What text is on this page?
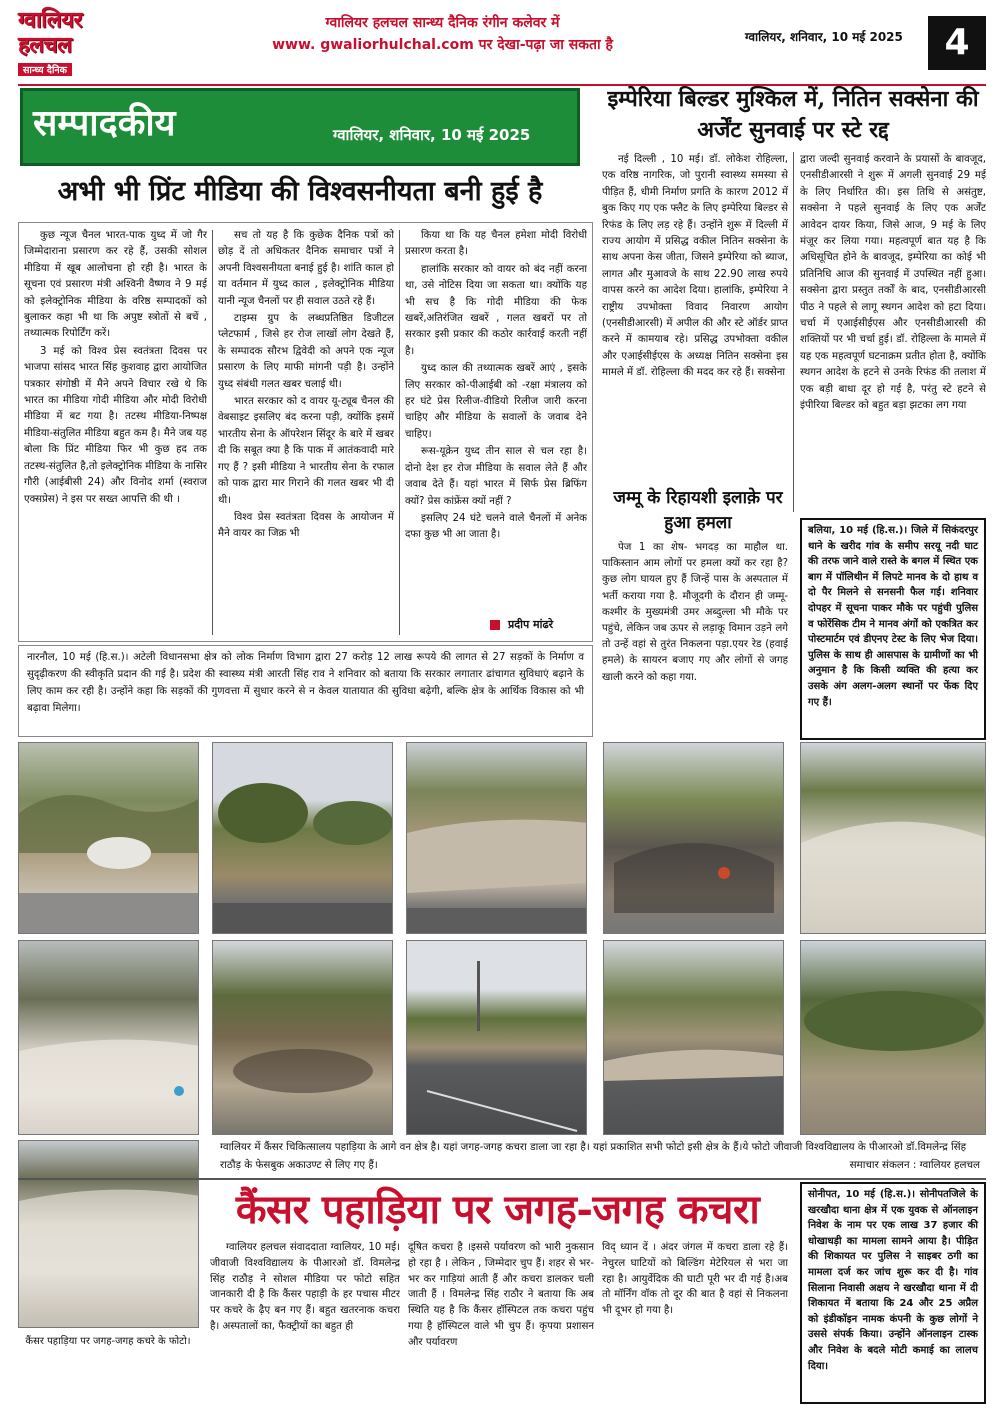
ग्वालियर
हलचल
सान्ध्य दैनिक
ग्वालियर हलचल सान्ध्य दैनिक रंगीन कलेवर में
www. gwaliorhulchal.com पर देखा-पढ़ा जा सकता है	ग्वालियर, शनिवार, 10 मई 2025	4
सम्पादकीय	ग्वालियर, शनिवार, 10 मई 2025
अभी भी प्रिंट मीडिया की विश्वसनीयता बनी हुई है

कुछ न्यूज चैनल भारत-पाक युध्द में जो गैर जिम्मेदाराना प्रसारण कर रहे हैं, उसकी सोशल मीडिया में खूब आलोचना हो रही है। भारत के सूचना एवं प्रसारण मंत्री अश्विनी वैष्णव ने 9 मई को इलेक्ट्रोनिक मीडिया के वरिष्ठ सम्पादकों को बुलाकर कहा भी था कि अपुष्ट स्त्रोतों से बचें , तथ्यात्मक रिपोर्टिंग करें।

3 मई को विश्व प्रेस स्वतंत्रता दिवस पर भाजपा सांसद भारत सिंह कुशवाह द्वारा आयोजित पत्रकार संगोष्ठी में मैने अपने विचार रखे थे कि भारत का मीडिया गोदी मीडिया और मोदी विरोधी मीडिया में बट गया है। तटस्थ मीडिया-निष्पक्ष मीडिया-संतुलित मीडिया बहुत कम है। मैने जब यह बोला कि प्रिंट मीडिया फिर भी कुछ हद तक तटस्थ-संतुलित है,तो इलेक्ट्रोनिक मीडिया के नासिर गौरी (आईबीसी 24) और विनोद शर्मा (स्वराज एक्सप्रेस) ने इस पर सख्त आपत्ति की थी ।

सच तो यह है कि कुछेक दैनिक पत्रों को छोड़ दें तो अधिकतर दैनिक समाचार पत्रों ने अपनी विश्वसनीयता बनाई हुई है। शांति काल हो या वर्तमान में युध्द काल , इलेक्ट्रोनिक मीडिया यानी न्यूज चैनलों पर ही सवाल उठते रहे हैं।

टाइम्स ग्रुप के लब्धप्रतिष्ठित डिजीटल प्लेटफार्म , जिसे हर रोज लाखों लोग देखते हैं, के सम्पादक सौरभ द्विवेदी को अपने एक न्यूज प्रसारण के लिए माफी मांगनी पड़ी है। उन्होंने युध्द संबंधी गलत खबर चलाई थी।

भारत सरकार को द वायर यू-ट्यूब चैनल की वेबसाइट इसलिए बंद करना पड़ी, क्योंकि इसमें भारतीय सेना के ऑपरेशन सिंदूर के बारे में खबर दी कि सबूत क्या है कि पाक में आतंकवादी मारे गए हैं ? इसी मीडिया ने भारतीय सेना के रफाल को पाक द्वारा मार गिराने की गलत खबर भी दी थी।

विश्व प्रेस स्वतंत्रता दिवस के आयोजन में मैने वायर का जिक्र भी

किया था कि यह चैनल हमेशा मोदी विरोधी प्रसारण करता है।

हालांकि सरकार को वायर को बंद नहीं करना था, उसे नोटिस दिया जा सकता था। क्योंकि यह भी सच है कि गोदी मीडिया की फेक खबरें,अतिरंजित खबरें , गलत खबरों पर तो सरकार इसी प्रकार की कठोर कार्रवाई करती नहीं है।

युध्द काल की तथ्यात्मक खबरें आएं , इसके लिए सरकार को-पीआईबी को -रक्षा मंत्रालय को हर घंटे प्रेस रिलीज-वीडियो रिलीज जारी करना चाहिए और मीडिया के सवालों के जवाब देने चाहिए।

रूस-यूक्रेन युध्द तीन साल से चल रहा है। दोनो देश हर रोज मीडिया के सवाल लेते हैं और जवाब देते हैं। यहां भारत में सिर्फ प्रेस ब्रिफिंग क्यों? प्रेस कांफ्रेंस क्यों नहीं ?

इसलिए 24 घंटे चलने वाले चैनलों में अनेक दफा कुछ भी आ जाता है।

प्रदीप मांढरे
इम्पेरिया बिल्डर मुश्किल में, नितिन सक्सेना की अर्जेंट सुनवाई पर स्टे रद्द

नई दिल्ली , 10 मई। डॉ. लोकेश रोहिल्ला, एक वरिष्ठ नागरिक, जो पुरानी स्वास्थ्य समस्या से पीड़ित हैं, धीमी निर्माण प्रगति के कारण 2012 में बुक किए गए एक फ्लैट के लिए इम्पेरिया बिल्डर से रिफंड के लिए लड़ रहे हैं। उन्होंने शुरू में दिल्ली में राज्य आयोग में प्रसिद्ध वकील नितिन सक्सेना के साथ अपना केस जीता, जिसने इम्पेरिया को ब्याज, लागत और मुआवजे के साथ 22.90 लाख रुपये वापस करने का आदेश दिया। हालांकि, इम्पेरिया ने राष्ट्रीय उपभोक्ता विवाद निवारण आयोग (एनसीडीआरसी) में अपील की और स्टे ऑर्डर प्राप्त करने में कामयाब रहे। प्रसिद्ध उपभोक्ता वकील और एआईसीईएस के अध्यक्ष नितिन सक्सेना इस मामले में डॉ. रोहिल्ला की मदद कर रहे हैं। सक्सेना

द्वारा जल्दी सुनवाई करवाने के प्रयासों के बावजूद, एनसीडीआरसी ने शुरू में अगली सुनवाई 29 मई के लिए निर्धारित की। इस तिथि से असंतुष्ट, सक्सेना ने पहले सुनवाई के लिए एक अर्जेंट आवेदन दायर किया, जिसे आज, 9 मई के लिए मंज़ूर कर लिया गया। महत्वपूर्ण बात यह है कि अधिसूचित होने के बावजूद, इम्पेरिया का कोई भी प्रतिनिधि आज की सुनवाई में उपस्थित नहीं हुआ। सक्सेना द्वारा प्रस्तुत तर्कों के बाद, एनसीडीआरसी पीठ ने पहले से लागू स्थगन आदेश को हटा दिया। चर्चा में एआईसीईएस और एनसीडीआरसी की शक्तियों पर भी चर्चा हुई। डॉ. रोहिल्ला के मामले में यह एक महत्वपूर्ण घटनाक्रम प्रतीत होता है, क्योंकि स्थगन आदेश के हटने से उनके रिफंड की तलाश में एक बड़ी बाधा दूर हो गई है, परंतु स्टे हटने से इंपीरिया बिल्डर को बहुत बड़ा झटका लग गया

जम्मू के रिहायशी इलाक़े पर हुआ हमला

पेज 1 का शेष- भगदड़ का माहौल था. पाकिस्तान आम लोगों पर हमला क्यों कर रहा है? कुछ लोग घायल हुए हैं जिन्हें पास के अस्पताल में भर्ती कराया गया है. मौजूदगी के दौरान ही जम्मू-कश्मीर के मुख्यमंत्री उमर अब्दुल्ला भी मौके पर पहुंचे, लेकिन जब ऊपर से लड़ाकू विमान उड़ने लगे तो उन्हें वहां से तुरंत निकलना पड़ा.एयर रेड (हवाई हमले) के सायरन बजाए गए और लोगों से जगह खाली करने को कहा गया.

बलिया, 10 मई (हि.स.)। जिले में सिकंदरपुर थाने के खरीद गांव के समीप सरयू नदी घाट की तरफ जाने वाले रास्ते के बगल में स्थित एक बाग में पॉलिथीन में लिपटे मानव के दो हाथ व दो पैर मिलने से सनसनी फैल गई। शनिवार दोपहर में सूचना पाकर मौके पर पहुंची पुलिस व फोरेंसिक टीम ने मानव अंगों को एकत्रित कर पोस्टमार्टम एवं डीएनए टेस्ट के लिए भेज दिया। पुलिस के साथ ही आसपास के ग्रामीणों का भी अनुमान है कि किसी व्यक्ति की हत्या कर उसके अंग अलग-अलग स्थानों पर फेंक दिए गए हैं।
नारनौल, 10 मई (हि.स.)। अटेली विधानसभा क्षेत्र को लोक निर्माण विभाग द्वारा 27 करोड़ 12 लाख रूपये की लागत से 27 सड़कों के निर्माण व सुदृढ़ीकरण की स्वीकृति प्रदान की गई है। प्रदेश की स्वास्थ्य मंत्री आरती सिंह राव ने शनिवार को बताया कि सरकार लगातार ढांचागत सुविधाएं बढ़ाने के लिए काम कर रही है। उन्होंने कहा कि सड़कों की गुणवत्ता में सुधार करने से न केवल यातायात की सुविधा बढ़ेगी, बल्कि क्षेत्र के आर्थिक विकास को भी बढ़ावा मिलेगा।
ग्वालियर में कैंसर चिकित्सालय पहाड़िया के आगे वन क्षेत्र है। यहां जगह-जगह कचरा डाला जा रहा है। यहां प्रकाशित सभी फोटो इसी क्षेत्र के हैं।ये फोटो जीवाजी विश्वविद्यालय के पीआरओ डॉ.विमलेन्द्र सिंह राठौड़ के फेसबुक अकाउण्ट से लिए गए हैं।	समाचार संकलन : ग्वालियर हलचल
कैंसर पहाड़िया पर जगह-जगह कचरा

ग्वालियर हलचल संवाददाता ग्वालियर, 10 मई। जीवाजी विश्वविद्यालय के पीआरओ डॉ. विमलेन्द्र सिंह राठौड़ ने सोशल मीडिया पर फोटो सहित जानकारी दी है कि कैंसर पहाड़ी के हर पचास मीटर पर कचरे के ढ़ैए बन गए हैं। बहुत खतरनाक कचरा है। अस्पतालों का, फैक्ट्रीयों का बहुत ही

दूषित कचरा है ।इससे पर्यावरण को भारी नुकसान हो रहा है । लेकिन , जिम्मेदार चुप हैं। शहर से भर-भर कर गाड़ियां आती हैं और कचरा डालकर चली जाती हैं । विमलेन्द्र सिंह राठौर ने बताया कि अब स्थिति यह है कि कैंसर हॉस्पिटल तक कचरा पहुंच गया है हॉस्पिटल वाले भी चुप हैं। कृपया प्रशासन और पर्यावरण

विद् ध्यान दें । अंदर जंगल में कचरा डाला रहे हैं। नेचुरल घाटियों को बिल्डिंग मेटेरियल से भरा जा रहा है। आयुर्वेदिक की घाटी पूरी भर दी गई है।अब तो मॉर्निंग वॉक तो दूर की बात है वहां से निकलना भी दूभर हो गया है।

कैंसर पहाड़िया पर जगह-जगह कचरे के फोटो।
सोनीपत, 10 मई (हि.स.)। सोनीपतजिले के खरखौदा थाना क्षेत्र में एक युवक से ऑनलाइन निवेश के नाम पर एक लाख 37 हजार की धोखाधड़ी का मामला सामने आया है। पीड़ित की शिकायत पर पुलिस ने साइबर ठगी का मामला दर्ज कर जांच शुरू कर दी है। गांव सिलाना निवासी अक्षय ने खरखौदा थाना में दी शिकायत में बताया कि 24 और 25 अप्रैल को इंडीकॉइन नामक कंपनी के कुछ लोगों ने उससे संपर्क किया। उन्होंने ऑनलाइन टास्क और निवेश के बदले मोटी कमाई का लालच दिया।
